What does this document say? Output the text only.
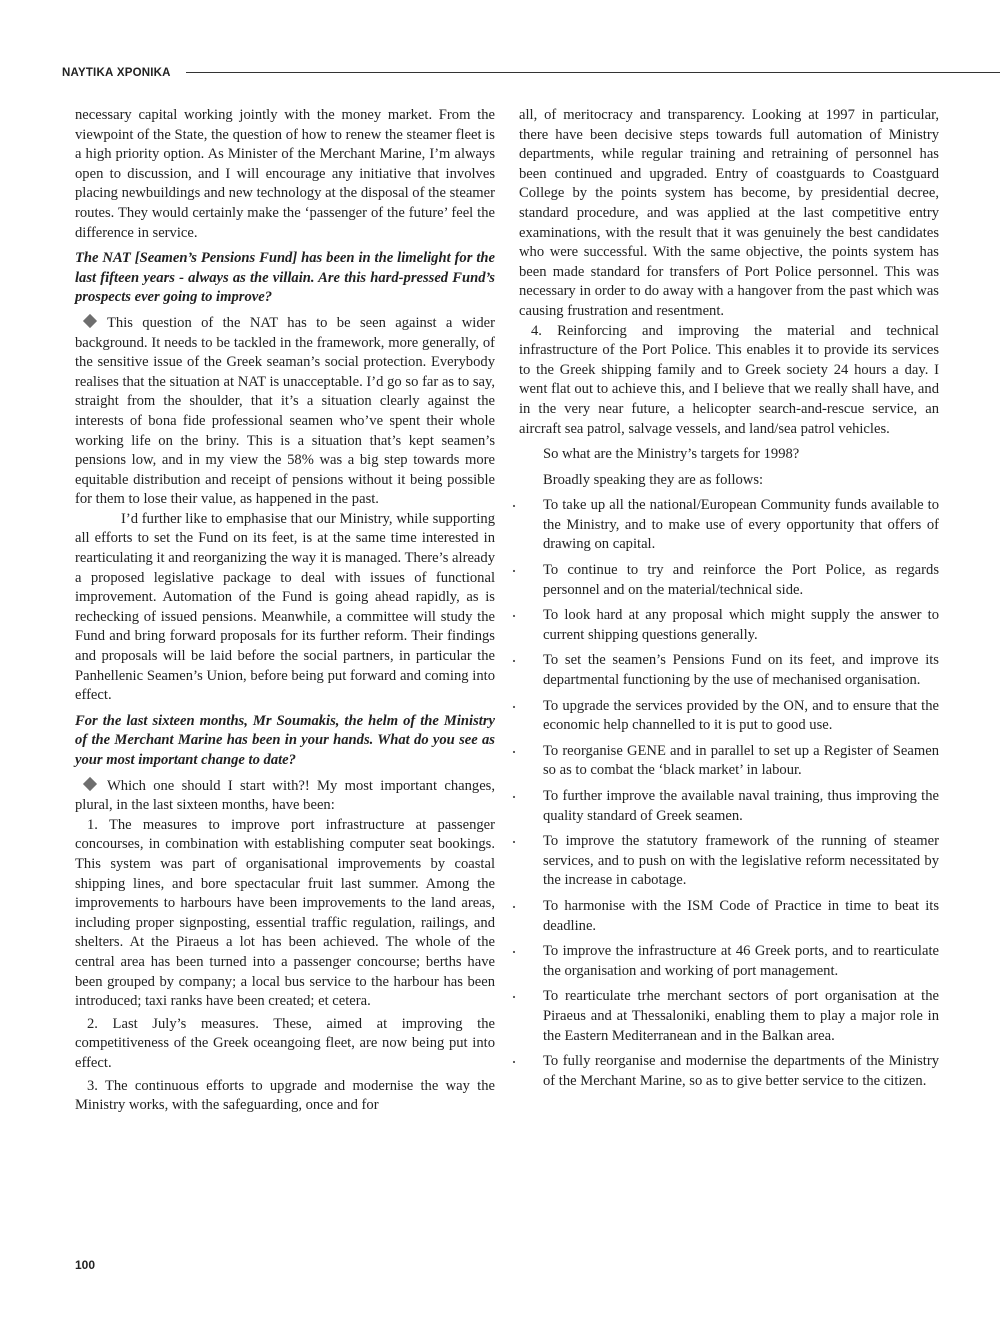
ΝΑΥΤΙΚΑ ΧΡΟΝΙΚΑ

necessary capital working jointly with the money market. From the viewpoint of the State, the question of how to renew the steamer fleet is a high priority option. As Minister of the Merchant Marine, I’m always open to discussion, and I will encourage any initiative that involves placing newbuildings and new technology at the disposal of the steamer routes. They would certainly make the ‘passenger of the future’ feel the difference in service.

The NAT [Seamen’s Pensions Fund] has been in the limelight for the last fifteen years - always as the villain. Are this hard-pressed Fund’s prospects ever going to improve?

This question of the NAT has to be seen against a wider background. It needs to be tackled in the framework, more generally, of the sensitive issue of the Greek seaman’s social protection. Everybody realises that the situation at NAT is unacceptable. I’d go so far as to say, straight from the shoulder, that it’s a situation clearly against the interests of bona fide professional seamen who’ve spent their whole working life on the briny. This is a situation that’s kept seamen’s pensions low, and in my view the 58% was a big step towards more equitable distribution and receipt of pensions without it being possible for them to lose their value, as happened in the past.

I’d further like to emphasise that our Ministry, while supporting all efforts to set the Fund on its feet, is at the same time interested in rearticulating it and reorganizing the way it is managed. There’s already a proposed legislative package to deal with issues of functional improvement. Automation of the Fund is going ahead rapidly, as is rechecking of issued pensions. Meanwhile, a committee will study the Fund and bring forward proposals for its further reform. Their findings and proposals will be laid before the social partners, in particular the Panhellenic Seamen’s Union, before being put forward and coming into effect.

For the last sixteen months, Mr Soumakis, the helm of the Ministry of the Merchant Marine has been in your hands. What do you see as your most important change to date?

Which one should I start with?! My most important changes, plural, in the last sixteen months, have been:

1. The measures to improve port infrastructure at passenger concourses, in combination with establishing computer seat bookings. This system was part of organisational improvements by coastal shipping lines, and bore spectacular fruit last summer. Among the improvements to harbours have been improvements to the land areas, including proper signposting, essential traffic regulation, railings, and shelters. At the Piraeus a lot has been achieved. The whole of the central area has been turned into a passenger concourse; berths have been grouped by company; a local bus service to the harbour has been introduced; taxi ranks have been created; et cetera.

2. Last July’s measures. These, aimed at improving the competitiveness of the Greek oceangoing fleet, are now being put into effect.

3. The continuous efforts to upgrade and modernise the way the Ministry works, with the safeguarding, once and for

all, of meritocracy and transparency. Looking at 1997 in particular, there have been decisive steps towards full automation of Ministry departments, while regular training and retraining of personnel has been continued and upgraded. Entry of coastguards to Coastguard College by the points system has become, by presidential decree, standard procedure, and was applied at the last competitive entry examinations, with the result that it was genuinely the best candidates who were successful. With the same objective, the points system has been made standard for transfers of Port Police personnel. This was necessary in order to do away with a hangover from the past which was causing frustration and resentment.

4. Reinforcing and improving the material and technical infrastructure of the Port Police. This enables it to provide its services to the Greek shipping family and to Greek society 24 hours a day. I went flat out to achieve this, and I believe that we really shall have, and in the very near future, a helicopter search-and-rescue service, an aircraft sea patrol, salvage vessels, and land/sea patrol vehicles.

So what are the Ministry’s targets for 1998?

Broadly speaking they are as follows:

· To take up all the national/European Community funds available to the Ministry, and to make use of every opportunity that offers of drawing on capital.
· To continue to try and reinforce the Port Police, as regards personnel and on the material/technical side.
· To look hard at any proposal which might supply the answer to current shipping questions generally.
· To set the seamen’s Pensions Fund on its feet, and improve its departmental functioning by the use of mechanised organisation.
· To upgrade the services provided by the ON, and to ensure that the economic help channelled to it is put to good use.
· To reorganise GENE and in parallel to set up a Register of Seamen so as to combat the ‘black market’ in labour.
· To further improve the available naval training, thus improving the quality standard of Greek seamen.
· To improve the statutory framework of the running of steamer services, and to push on with the legislative reform necessitated by the increase in cabotage.
· To harmonise with the ISM Code of Practice in time to beat its deadline.
· To improve the infrastructure at 46 Greek ports, and to rearticulate the organisation and working of port management.
· To rearticulate trhe merchant sectors of port organisation at the Piraeus and at Thessaloniki, enabling them to play a major role in the Eastern Mediterranean and in the Balkan area.
· To fully reorganise and modernise the departments of the Ministry of the Merchant Marine, so as to give better service to the citizen.
100
